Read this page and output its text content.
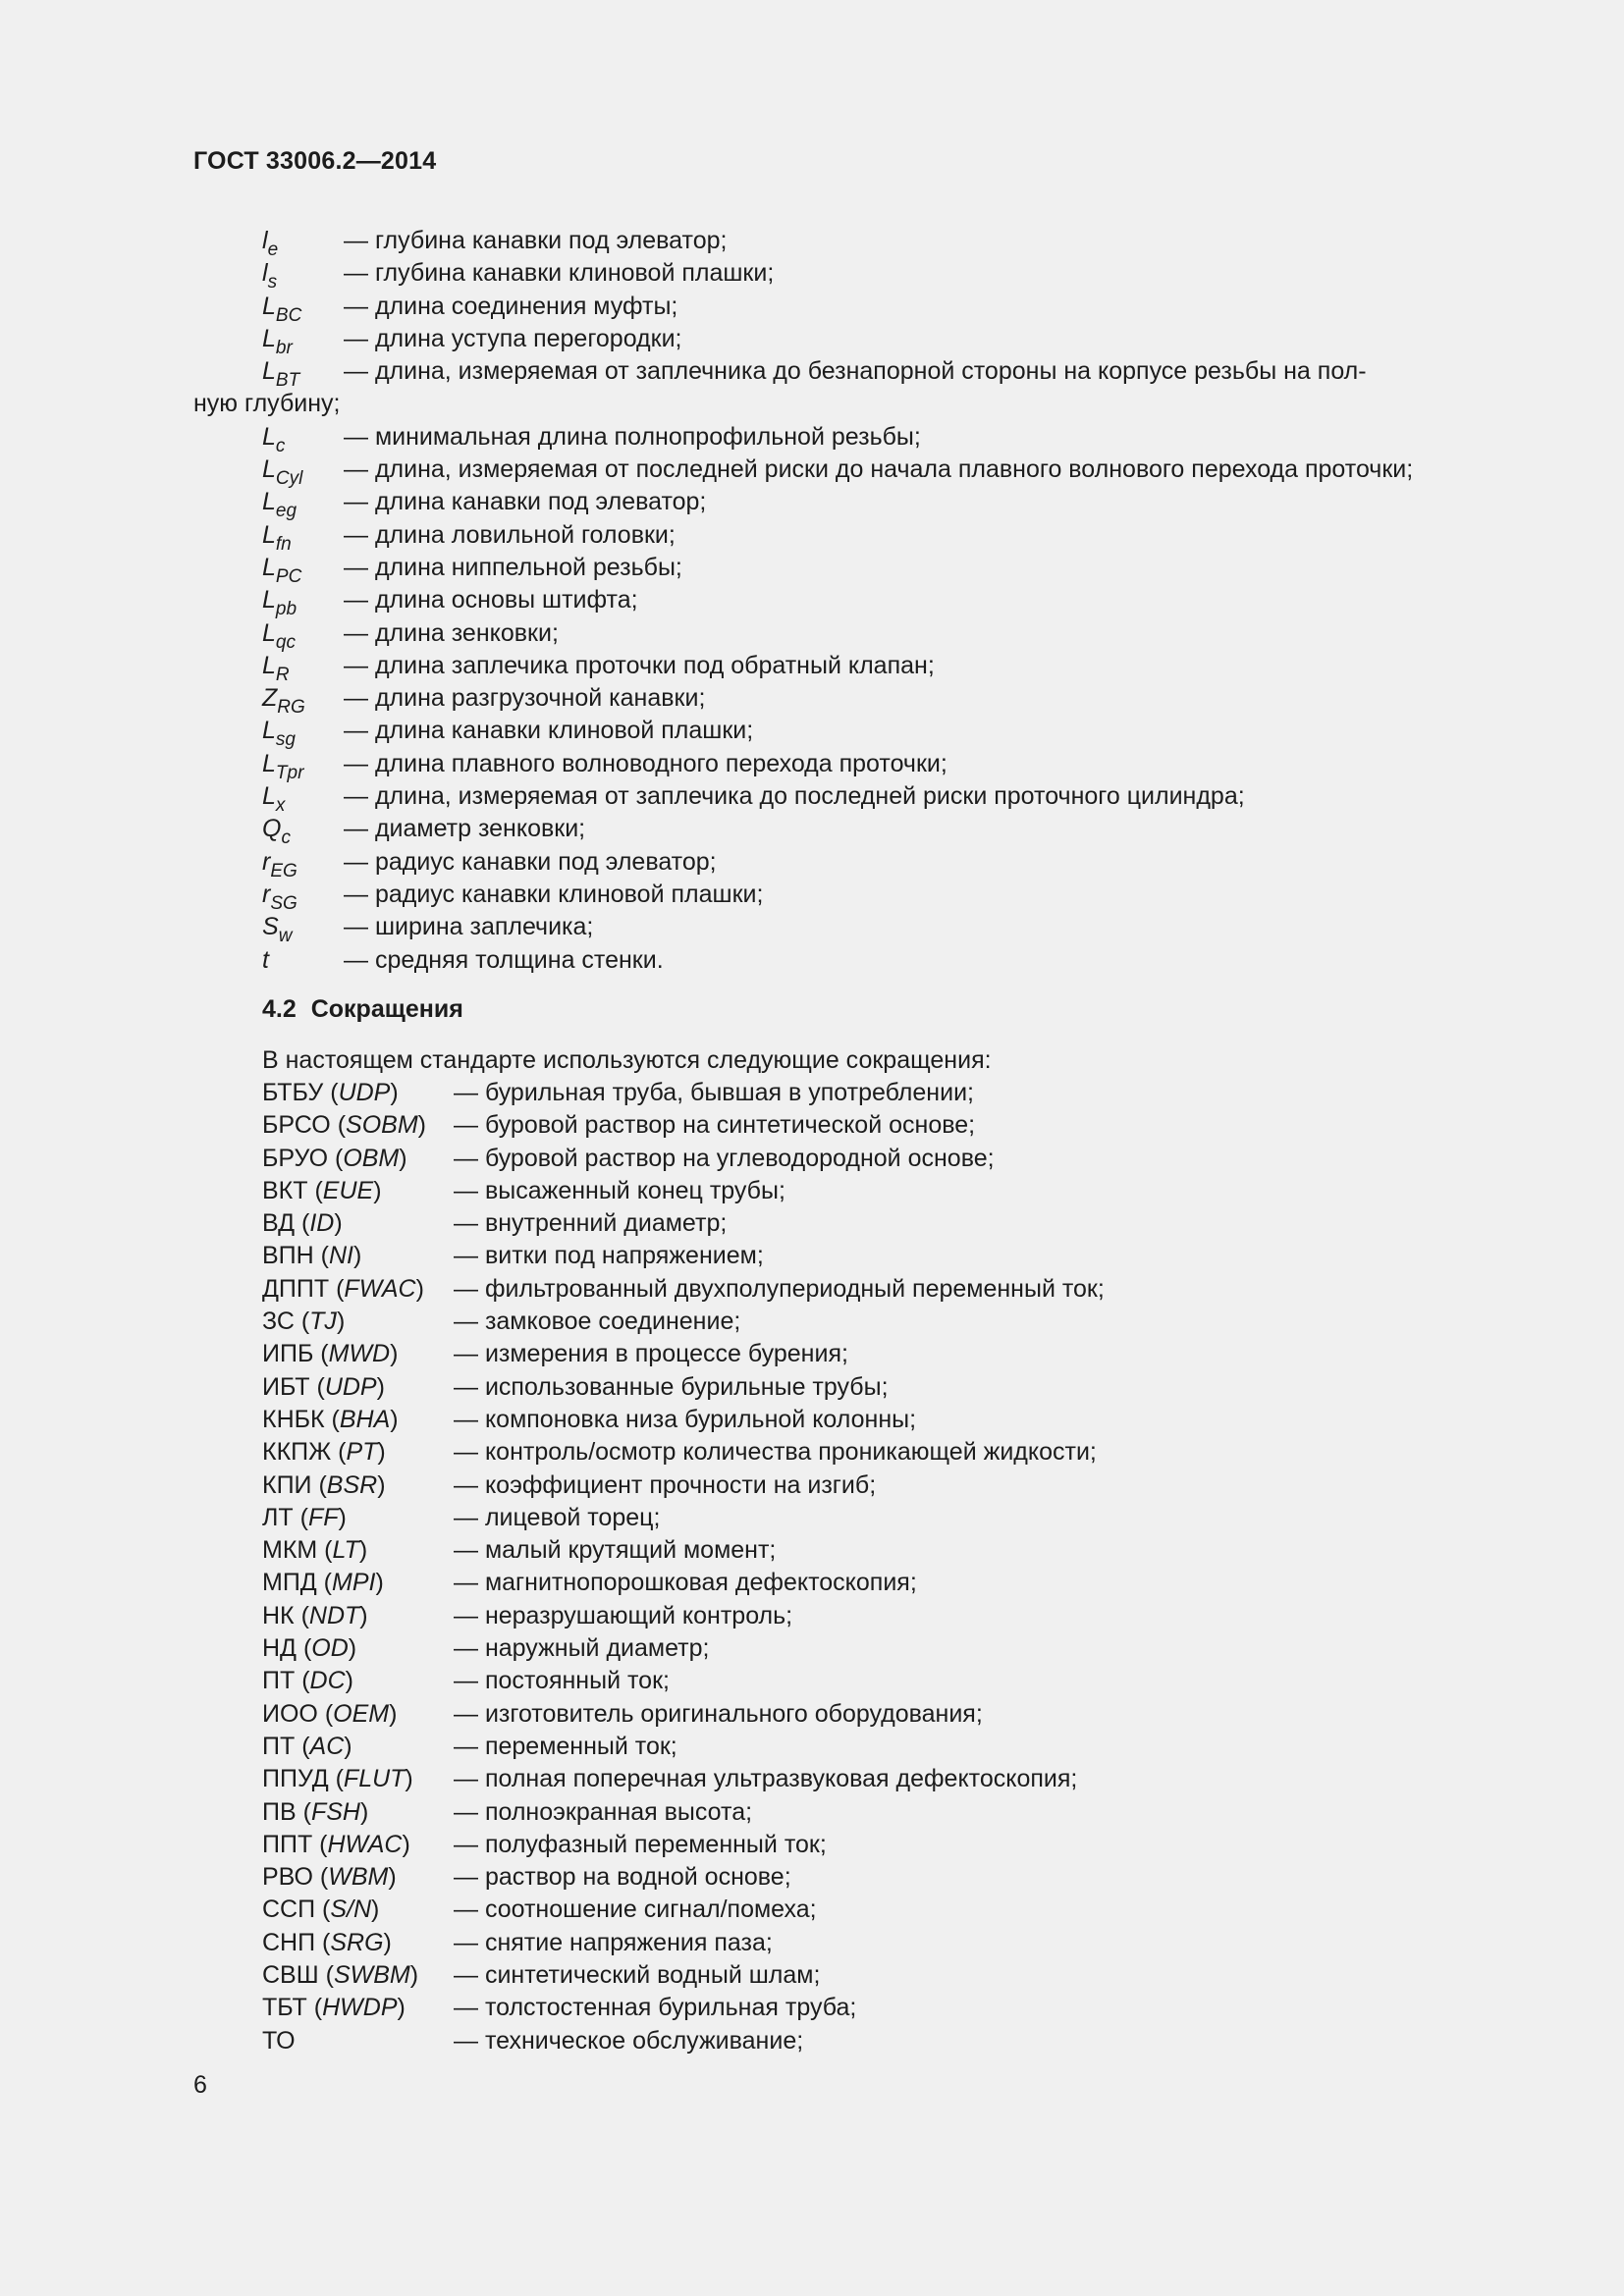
ГОСТ 33006.2—2014
$l_e$	— глубина канавки под элеватор;
$l_s$	— глубина канавки клиновой плашки;
$L_{BC}$ — длина соединения муфты;
$L_{br}$ — длина уступа перегородки;
$L_{BT}$ — длина, измеряемая от заплечника до безнапорной стороны на корпусе резьбы на пол-
ную глубину;
$L_c$ — минимальная длина полнопрофильной резьбы;
$L_{Cyl}$ — длина, измеряемая от последней риски до начала плавного волнового перехода проточки;
$L_{eg}$ — длина канавки под элеватор;
$L_{fn}$ — длина ловильной головки;
$L_{PC}$ — длина ниппельной резьбы;
$L_{pb}$ — длина основы штифта;
$L_{qc}$ — длина зенковки;
$L_R$ — длина заплечика проточки под обратный клапан;
$Z_{RG}$ — длина разгрузочной канавки;
$L_{sg}$ — длина канавки клиновой плашки;
$L_{Tpr}$ — длина плавного волноводного перехода проточки;
$L_x$ — длина, измеряемая от заплечика до последней риски проточного цилиндра;
$Q_c$ — диаметр зенковки;
$r_{EG}$ — радиус канавки под элеватор;
$r_{SG}$ — радиус канавки клиновой плашки;
$S_w$ — ширина заплечика;
t	— средняя толщина стенки.
4.2 Сокращения
В настоящем стандарте используются следующие сокращения:
БТБУ (UDP) — бурильная труба, бывшая в употреблении;
БРСО (SOBM) — буровой раствор на синтетической основе;
БРУО (OBM) — буровой раствор на углеводородной основе;
ВКТ (EUE)	— высаженный конец трубы;
ВД (ID)	— внутренний диаметр;
ВПН (NI)	— витки под напряжением;
ДППТ (FWAC) — фильтрованный двухполупериодный переменный ток;
ЗС (TJ)	— замковое соединение;
ИПБ (MWD) — измерения в процессе бурения;
ИБТ (UDP)	— использованные бурильные трубы;
КНБК (BHA) — компоновка низа бурильной колонны;
ККПЖ (PT)	— контроль/осмотр количества проникающей жидкости;
КПИ (BSR)	— коэффициент прочности на изгиб;
ЛТ (FF)	— лицевой торец;
МКМ (LT)	— малый крутящий момент;
МПД (MPI)	— магнитнопорошковая дефектоскопия;
НК (NDT)	— неразрушающий контроль;
НД (OD)	— наружный диаметр;
ПТ (DC)	— постоянный ток;
ИОО (OEM) — изготовитель оригинального оборудования;
ПТ (AC)	— переменный ток;
ППУД (FLUT) — полная поперечная ультразвуковая дефектоскопия;
ПВ (FSH)	— полноэкранная высота;
ППТ (HWAC) — полуфазный переменный ток;
РВО (WBM) — раствор на водной основе;
ССП (S/N)	— соотношение сигнал/помеха;
СНП (SRG)	— снятие напряжения паза;
СВШ (SWBM) — синтетический водный шлам;
ТБТ (HWDP) — толстостенная бурильная труба;
ТО	— техническое обслуживание;
6
